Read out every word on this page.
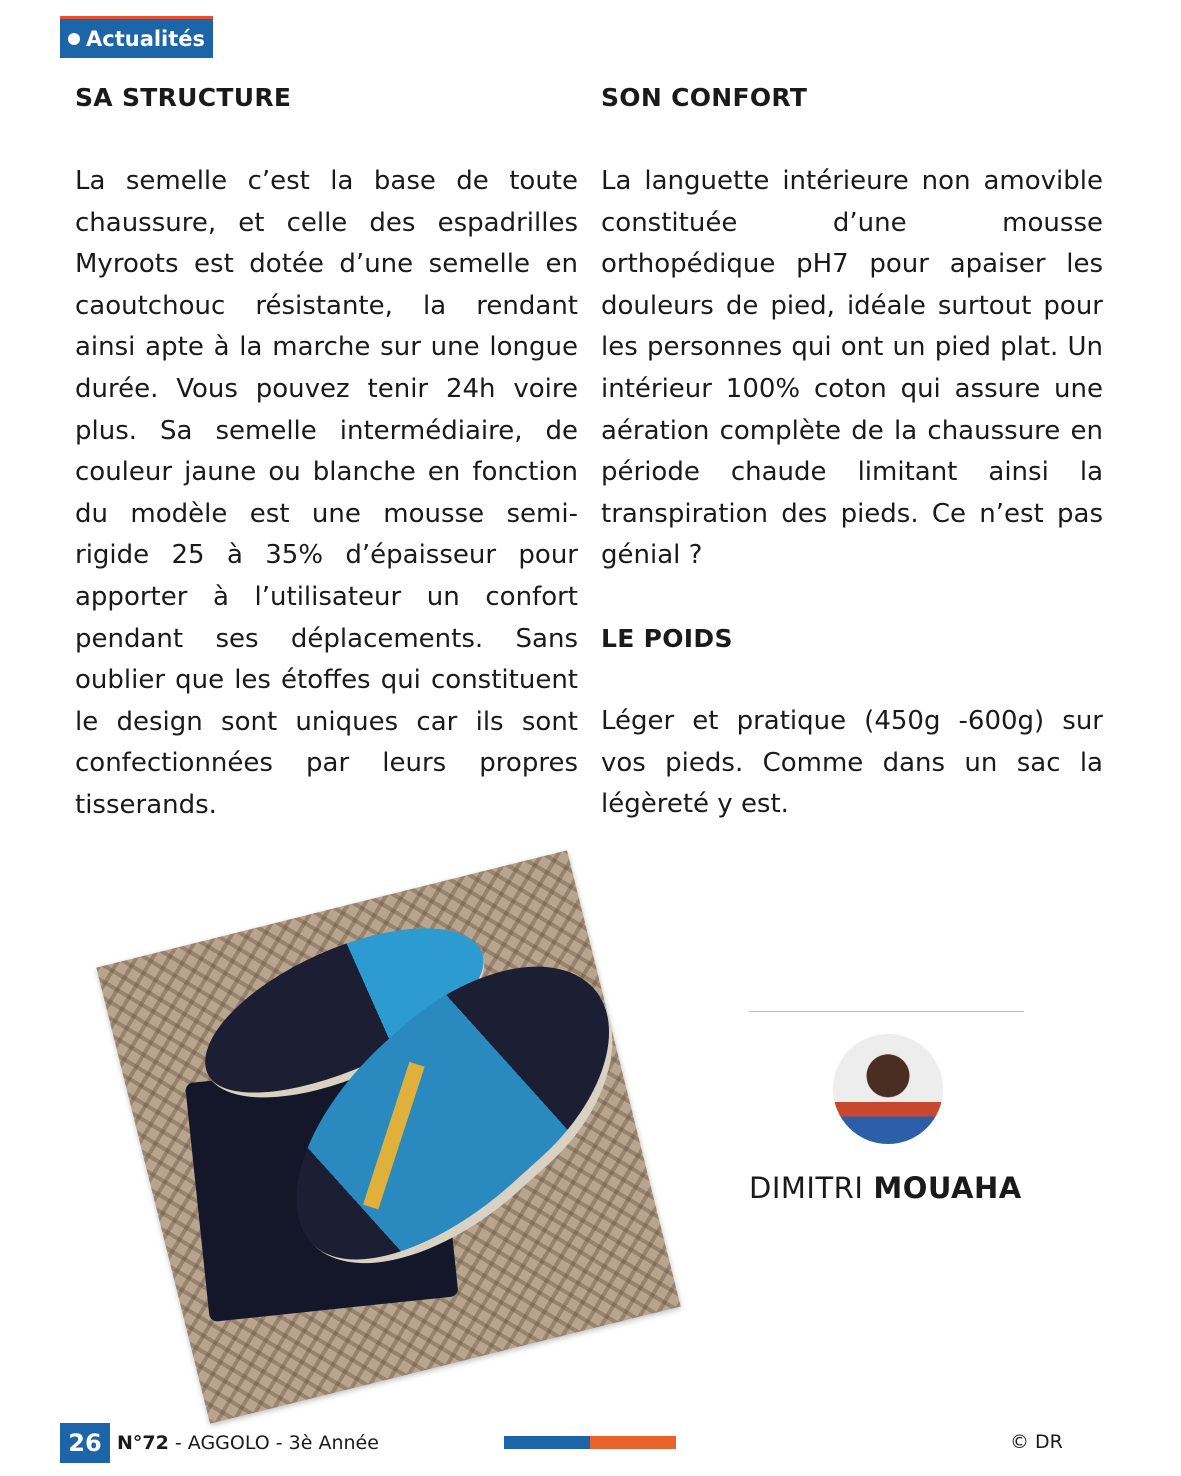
Actualités
SA STRUCTURE

La semelle c’est la base de toute chaussure, et celle des espadrilles Myroots est dotée d’une semelle en caoutchouc résistante, la rendant ainsi apte à la marche sur une longue durée. Vous pouvez tenir 24h voire plus. Sa semelle intermédiaire, de couleur jaune ou blanche en fonction du modèle est une mousse semi-rigide 25 à 35% d’épaisseur pour apporter à l’utilisateur un confort pendant ses déplacements. Sans oublier que les étoffes qui constituent le design sont uniques car ils sont confectionnées par leurs propres tisserands.

SON CONFORT

La languette intérieure non amovible constituée d’une mousse orthopédique pH7 pour apaiser les douleurs de pied, idéale surtout pour les personnes qui ont un pied plat. Un intérieur 100% coton qui assure une aération complète de la chaussure en période chaude limitant ainsi la transpiration des pieds. Ce n’est pas génial ?

LE POIDS

Léger et pratique (450g -600g) sur vos pieds. Comme dans un sac la légèreté y est.

DIMITRI MOUAHA
26 N°72 - AGGOLO - 3è Année	© DR
